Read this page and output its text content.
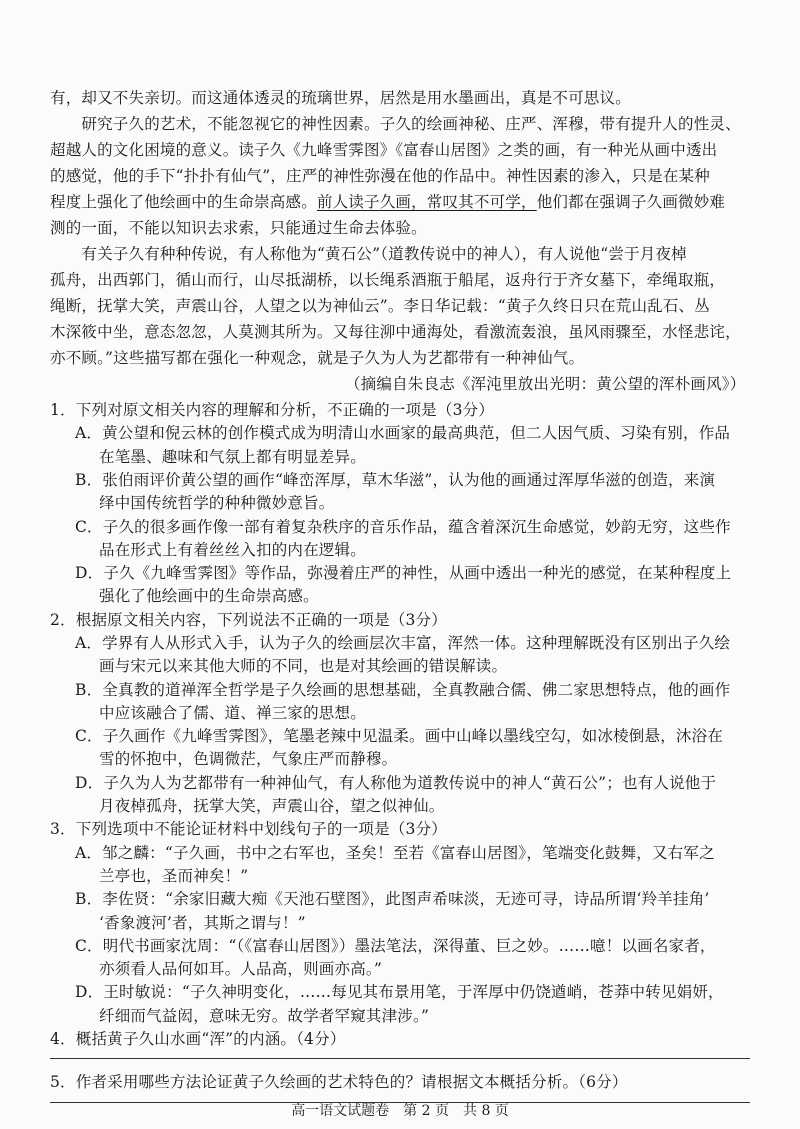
有，却又不失亲切。而这通体透灵的琉璃世界，居然是用水墨画出，真是不可思议。
　　研究子久的艺术，不能忽视它的神性因素。子久的绘画神秘、庄严、浑穆，带有提升人的性灵、
超越人的文化困境的意义。读子久《九峰雪霁图》《富春山居图》之类的画，有一种光从画中透出
的感觉，他的手下“扑扑有仙气”，庄严的神性弥漫在他的作品中。神性因素的渗入，只是在某种
程度上强化了他绘画中的生命崇高感。前人读子久画，常叹其不可学，他们都在强调子久画微妙难
测的一面，不能以知识去求索，只能通过生命去体验。
　　有关子久有种种传说，有人称他为“黄石公”（道教传说中的神人），有人说他“尝于月夜棹
孤舟，出西郭门，循山而行，山尽抵湖桥，以长绳系酒瓶于船尾，返舟行于齐女墓下，牵绳取瓶，
绳断，抚掌大笑，声震山谷，人望之以为神仙云”。李日华记载：“黄子久终日只在荒山乱石、丛
木深筱中坐，意态忽忽，人莫测其所为。又每往泖中通海处，看激流轰浪，虽风雨骤至，水怪悲诧，
亦不顾。”这些描写都在强化一种观念，就是子久为人为艺都带有一种神仙气。
（摘编自朱良志《浑沌里放出光明：黄公望的浑朴画风》）
1．下列对原文相关内容的理解和分析，不正确的一项是（3分）
A．黄公望和倪云林的创作模式成为明清山水画家的最高典范，但二人因气质、习染有别，作品
在笔墨、趣味和气氛上都有明显差异。
B．张伯雨评价黄公望的画作“峰峦浑厚，草木华滋”，认为他的画通过浑厚华滋的创造，来演
绎中国传统哲学的种种微妙意旨。
C．子久的很多画作像一部有着复杂秩序的音乐作品，蕴含着深沉生命感觉，妙韵无穷，这些作
品在形式上有着丝丝入扣的内在逻辑。
D．子久《九峰雪霁图》等作品，弥漫着庄严的神性，从画中透出一种光的感觉，在某种程度上
强化了他绘画中的生命崇高感。
2．根据原文相关内容，下列说法不正确的一项是（3分）
A．学界有人从形式入手，认为子久的绘画层次丰富，浑然一体。这种理解既没有区别出子久绘
画与宋元以来其他大师的不同，也是对其绘画的错误解读。
B．全真教的道禅浑全哲学是子久绘画的思想基础，全真教融合儒、佛二家思想特点，他的画作
中应该融合了儒、道、禅三家的思想。
C．子久画作《九峰雪霁图》，笔墨老辣中见温柔。画中山峰以墨线空勾，如冰棱倒悬，沐浴在
雪的怀抱中，色调微茫，气象庄严而静穆。
D．子久为人为艺都带有一种神仙气，有人称他为道教传说中的神人“黄石公”；也有人说他于
月夜棹孤舟，抚掌大笑，声震山谷，望之似神仙。
3．下列选项中不能论证材料中划线句子的一项是（3分）
A．邹之麟：“子久画，书中之右军也，圣矣！至若《富春山居图》，笔端变化鼓舞，又右军之
兰亭也，圣而神矣！”
B．李佐贤：“余家旧藏大痴《天池石壁图》，此图声希味淡，无迹可寻，诗品所谓‘羚羊挂角’
‘香象渡河’者，其斯之谓与！”
C．明代书画家沈周：“（《富春山居图》）墨法笔法，深得董、巨之妙。……噫！以画名家者，
亦须看人品何如耳。人品高，则画亦高。”
D．王时敏说：“子久神明变化，……每见其布景用笔，于浑厚中仍饶遒峭，苍莽中转见娟妍，
纤细而气益闳，意味无穷。故学者罕窥其津涉。”
4．概括黄子久山水画“浑”的内涵。（4分）
5．作者采用哪些方法论证黄子久绘画的艺术特色的？请根据文本概括分析。（6分）
高一语文试题卷　第 2 页　共 8 页
